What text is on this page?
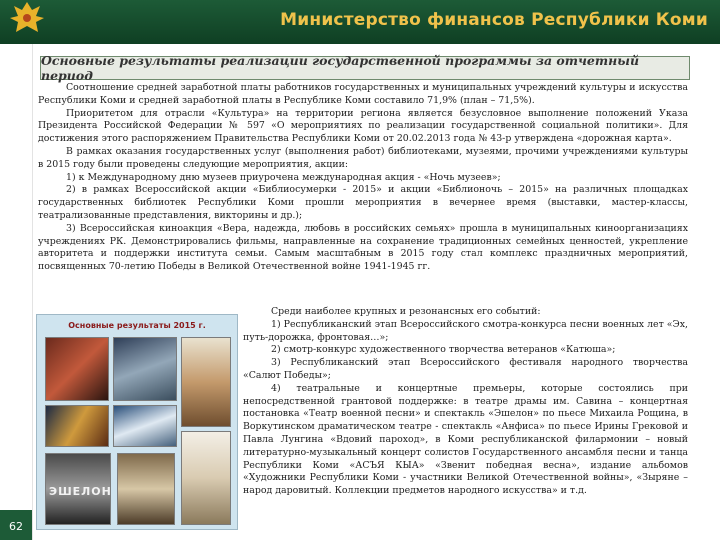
Министерство финансов Республики Коми
62
Основные результаты реализации государственной программы за отчетный период

Соотношение средней заработной платы работников государственных и муниципальных учреждений культуры и искусства Республики Коми и средней заработной платы в Республике Коми составило 71,9% (план – 71,5%).

Приоритетом для отрасли «Культура» на территории региона является безусловное выполнение положений Указа Президента Российской Федерации № 597 «О мероприятиях по реализации государственной социальной политики». Для достижения этого распоряжением Правительства Республики Коми от 20.02.2013 года № 43-р утверждена «дорожная карта».

В рамках оказания государственных услуг (выполнения работ) библиотеками, музеями, прочими учреждениями культуры в 2015 году были проведены следующие мероприятия, акции:

1) к Международному дню музеев приурочена международная акция - «Ночь музеев»;

2) в рамках Всероссийской акции «Библиосумерки - 2015» и акции «Библионочь – 2015» на различных площадках государственных библиотек Республики Коми прошли мероприятия в вечернее время (выставки, мастер-классы, театрализованные представления, викторины и др.);

3) Всероссийская киноакция «Вера, надежда, любовь в российских семьях» прошла в муниципальных киноорганизациях учреждениях РК. Демонстрировались фильмы, направленные на сохранение традиционных семейных ценностей, укрепление авторитета и поддержки института семьи. Самым масштабным в 2015 году стал комплекс праздничных мероприятий, посвященных 70-летию Победы в Великой Отечественной войне 1941-1945 гг.

Основные результаты 2015 г.
ЭШЕЛОН

Среди наиболее крупных и резонансных его событий:

1) Республиканский этап Всероссийского смотра-конкурса песни военных лет «Эх, путь-дорожка, фронтовая…»;

2) смотр-конкурс художественного творчества ветеранов «Катюша»;

3) Республиканский этап Всероссийского фестиваля народного творчества «Салют Победы»;

4) театральные и концертные премьеры, которые состоялись при непосредственной грантовой поддержке: в театре драмы им. Савина – концертная постановка «Театр военной песни» и спектакль «Эшелон» по пьесе Михаила Рощина, в Воркутинском драматическом театре - спектакль «Анфиса» по пьесе Ирины Грековой и Павла Лунгина «Вдовий пароход», в Коми республиканской филармонии – новый литературно-музыкальный концерт солистов Государственного ансамбля песни и танца Республики Коми «АСЪЯ КЫА» «Звенит победная весна», издание альбомов «Художники Республики Коми - участники Великой Отечественной войны», «Зыряне – народ даровитый. Коллекции предметов народного искусства» и т.д.
